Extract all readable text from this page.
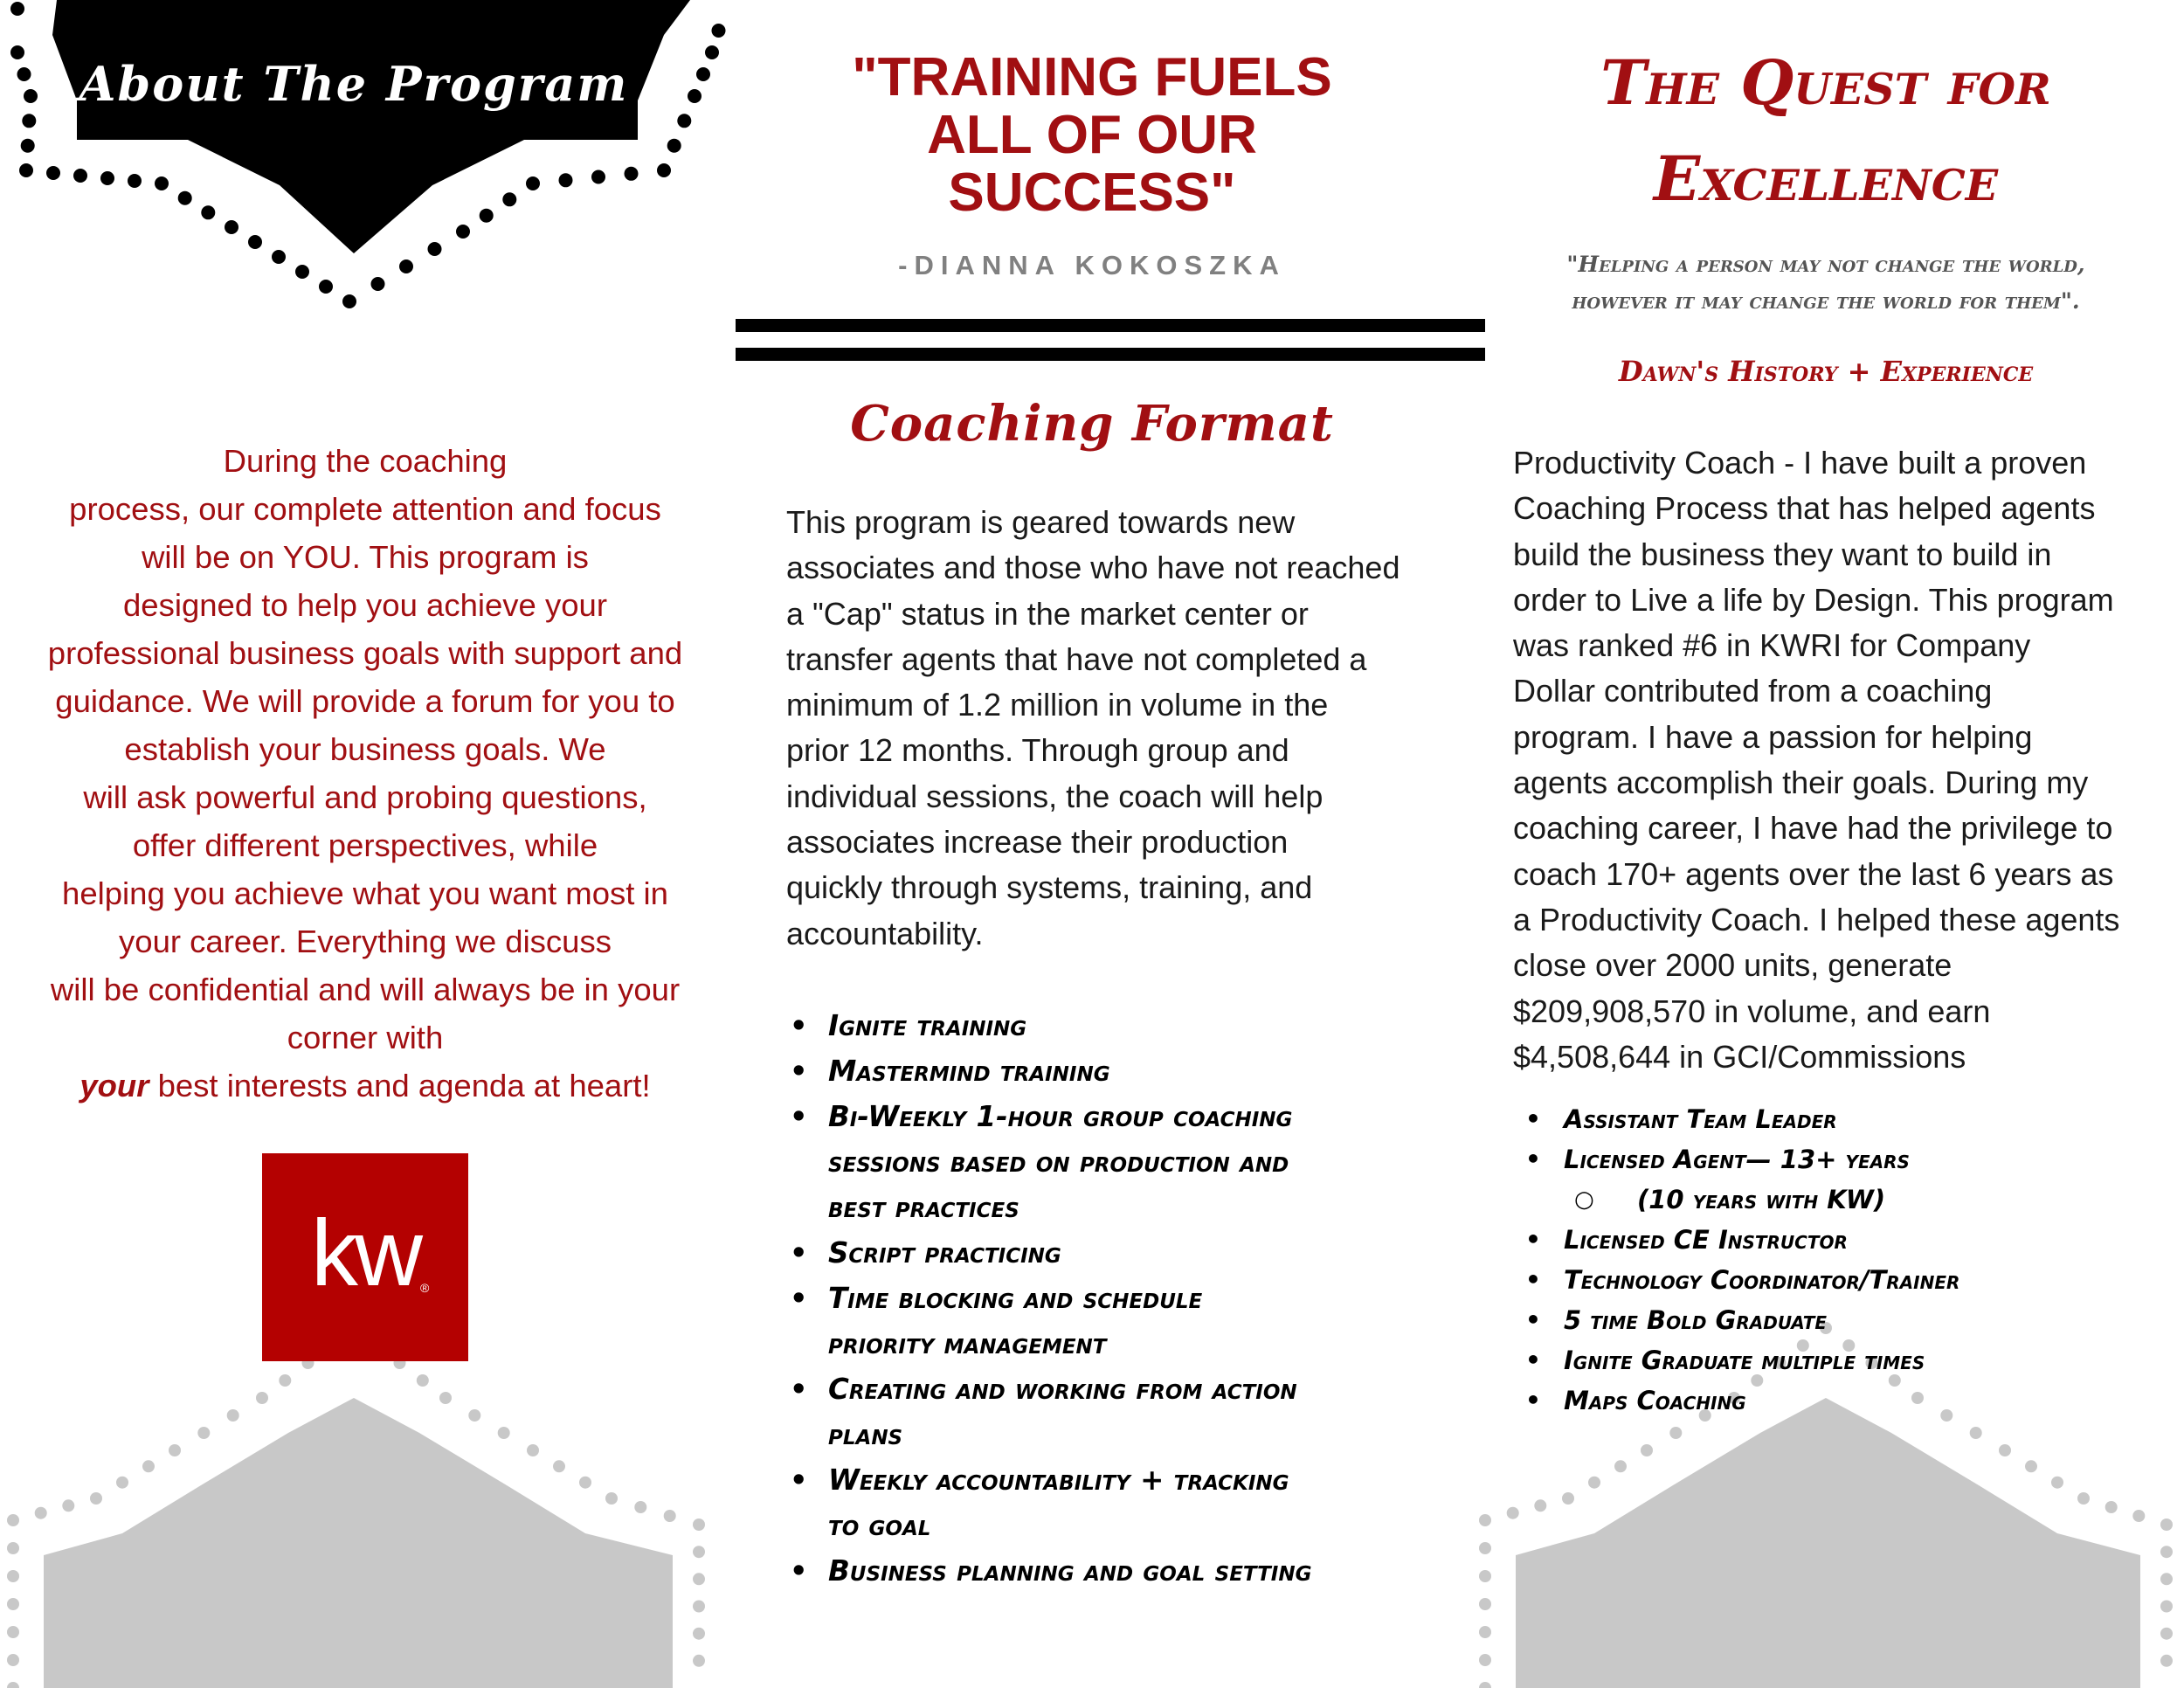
About The Program
During the coaching
process, our complete attention and focus
will be on YOU. This program is
designed to help you achieve your
professional business goals with support and
guidance. We will provide a forum for you to
establish your business goals. We
will ask powerful and probing questions,
offer different perspectives, while
helping you achieve what you want most in
your career. Everything we discuss
will be confidential and will always be in your
corner with
your best interests and agenda at heart!
kw ®
"TRAINING FUELS
ALL OF OUR
SUCCESS"
-DIANNA KOKOSZKA
Coaching Format
This program is geared towards new
associates and those who have not reached
a "Cap" status in the market center or
transfer agents that have not completed a
minimum of 1.2 million in volume in the
prior 12 months. Through group and
individual sessions, the coach will help
associates increase their production
quickly through systems, training, and
accountability.
• Ignite training
• Mastermind training
• Bi-Weekly 1-hour group coaching
sessions based on production and
best practices
• Script practicing
• Time blocking and schedule
priority management
• Creating and working from action
plans
• Weekly accountability + tracking
to goal
• Business planning and goal setting
The Quest for
Excellence
"Helping a person may not change the world,
however it may change the world for them".
Dawn's History + Experience
Productivity Coach - I have built a proven
Coaching Process that has helped agents
build the business they want to build in
order to Live a life by Design. This program
was ranked #6 in KWRI for Company
Dollar contributed from a coaching
program. I have a passion for helping
agents accomplish their goals. During my
coaching career, I have had the privilege to
coach 170+ agents over the last 6 years as
a Productivity Coach. I helped these agents
close over 2000 units, generate
$209,908,570 in volume, and earn
$4,508,644 in GCI/Commissions
• Assistant Team Leader
• Licensed Agent— 13+ years
○ (10 years with KW)
• Licensed CE Instructor
• Technology Coordinator/Trainer
• 5 time Bold Graduate
• Ignite Graduate multiple times
• Maps Coaching
